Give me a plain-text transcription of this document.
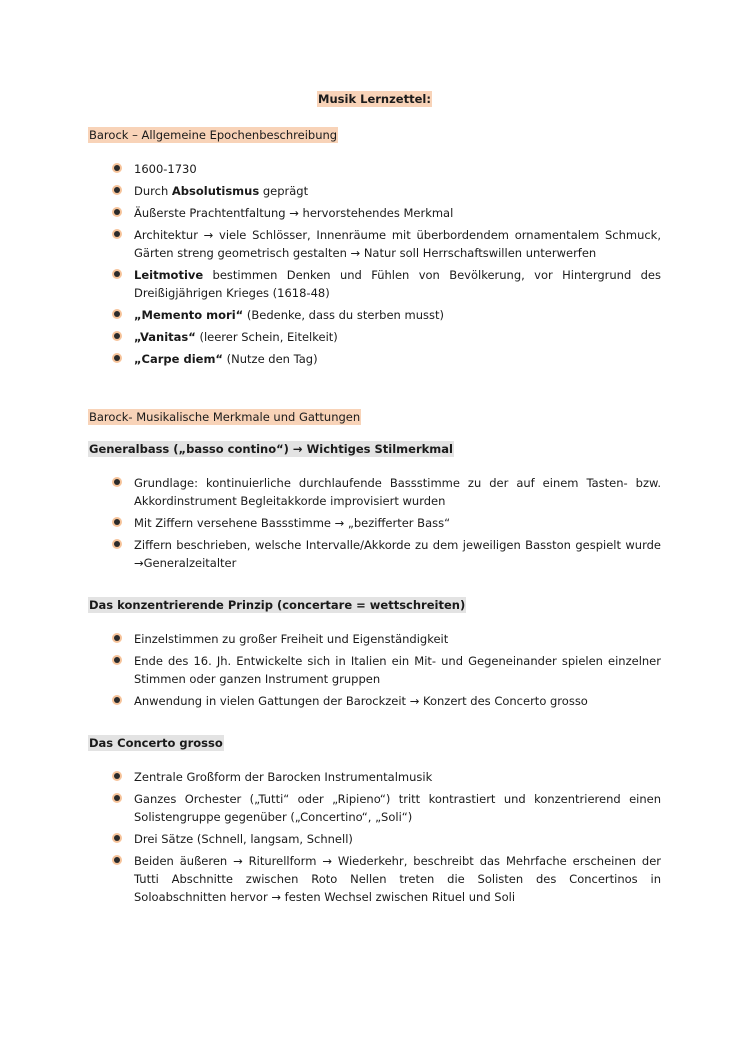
Musik Lernzettel:
Barock – Allgemeine Epochenbeschreibung
1600-1730
Durch Absolutismus geprägt
Äußerste Prachtentfaltung → hervorstehendes Merkmal
Architektur → viele Schlösser, Innenräume mit überbordendem ornamentalem Schmuck, Gärten streng geometrisch gestalten → Natur soll Herrschaftswillen unterwerfen
Leitmotive bestimmen Denken und Fühlen von Bevölkerung, vor Hintergrund des Dreißigjährigen Krieges (1618-48)
„Memento mori“ (Bedenke, dass du sterben musst)
„Vanitas“ (leerer Schein, Eitelkeit)
„Carpe diem“ (Nutze den Tag)
Barock- Musikalische Merkmale und Gattungen
Generalbass („basso contino“) → Wichtiges Stilmerkmal
Grundlage: kontinuierliche durchlaufende Bassstimme zu der auf einem Tasten- bzw. Akkordinstrument Begleitakkorde improvisiert wurden
Mit Ziffern versehene Bassstimme → „bezifferter Bass“
Ziffern beschrieben, welsche Intervalle/Akkorde zu dem jeweiligen Basston gespielt wurde →Generalzeitalter
Das konzentrierende Prinzip (concertare = wettschreiten)
Einzelstimmen zu großer Freiheit und Eigenständigkeit
Ende des 16. Jh. Entwickelte sich in Italien ein Mit- und Gegeneinander spielen einzelner Stimmen oder ganzen Instrument gruppen
Anwendung in vielen Gattungen der Barockzeit → Konzert des Concerto grosso
Das Concerto grosso
Zentrale Großform der Barocken Instrumentalmusik
Ganzes Orchester („Tutti“ oder „Ripieno“) tritt kontrastiert und konzentrierend einen Solistengruppe gegenüber („Concertino“, „Soli“)
Drei Sätze (Schnell, langsam, Schnell)
Beiden äußeren → Riturellform → Wiederkehr, beschreibt das Mehrfache erscheinen der Tutti Abschnitte zwischen Roto Nellen treten die Solisten des Concertinos in Soloabschnitten hervor → festen Wechsel zwischen Rituel und Soli
